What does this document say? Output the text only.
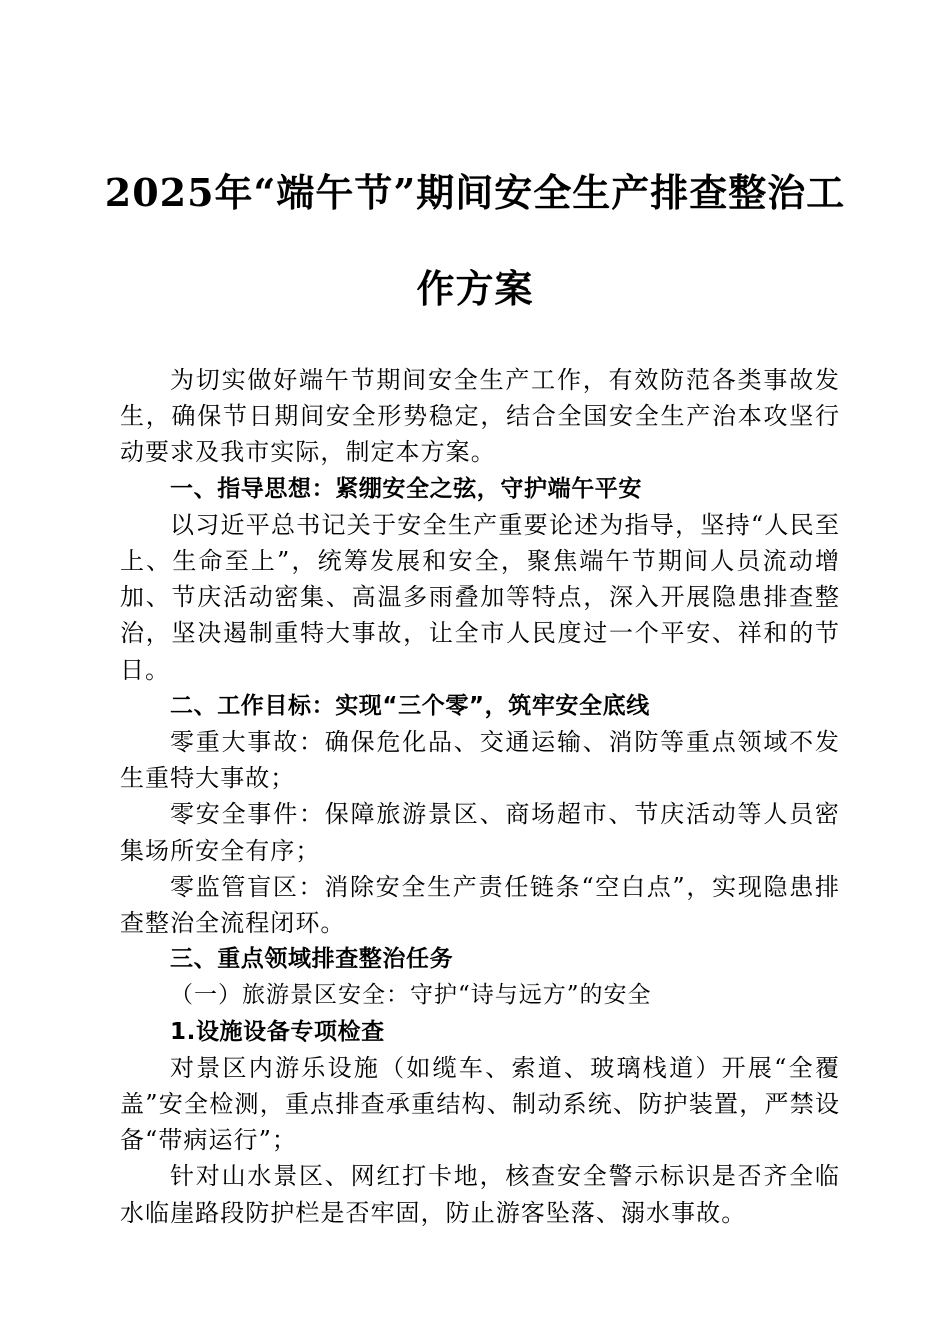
2025年“端午节”期间安全生产排查整治工
作方案

为切实做好端午节期间安全生产工作，有效防范各类事故发生，确保节日期间安全形势稳定，结合全国安全生产治本攻坚行动要求及我市实际，制定本方案。

一、指导思想：紧绷安全之弦，守护端午平安

以习近平总书记关于安全生产重要论述为指导，坚持“人民至上、生命至上”，统筹发展和安全，聚焦端午节期间人员流动增加、节庆活动密集、高温多雨叠加等特点，深入开展隐患排查整治，坚决遏制重特大事故，让全市人民度过一个平安、祥和的节日。

二、工作目标：实现“三个零”，筑牢安全底线

零重大事故：确保危化品、交通运输、消防等重点领域不发生重特大事故；

零安全事件：保障旅游景区、商场超市、节庆活动等人员密集场所安全有序；

零监管盲区：消除安全生产责任链条“空白点”，实现隐患排查整治全流程闭环。

三、重点领域排查整治任务

（一）旅游景区安全：守护“诗与远方”的安全

1.设施设备专项检查

对景区内游乐设施（如缆车、索道、玻璃栈道）开展“全覆盖”安全检测，重点排查承重结构、制动系统、防护装置，严禁设备“带病运行”；

针对山水景区、网红打卡地，核查安全警示标识是否齐全临水临崖路段防护栏是否牢固，防止游客坠落、溺水事故。
